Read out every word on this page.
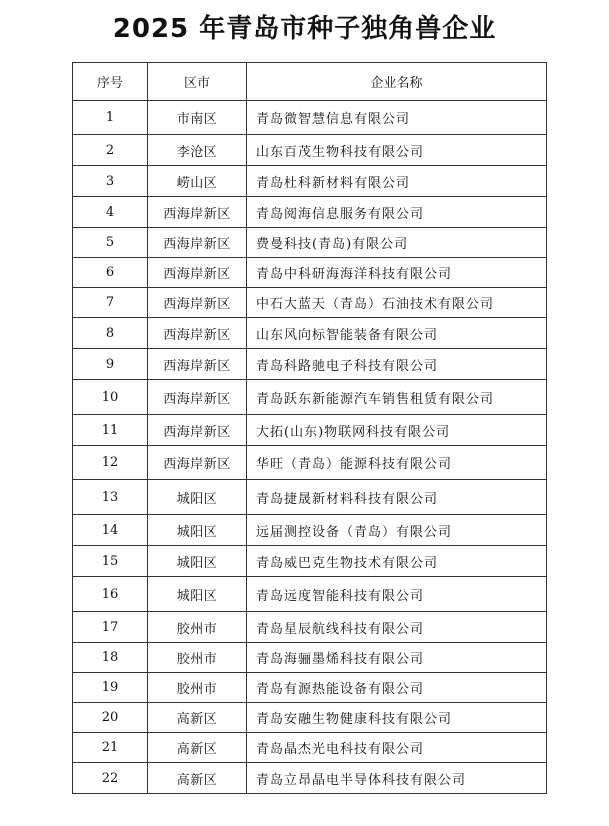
2025 年青岛市种子独角兽企业
序号	区市	企业名称
1	市南区	青岛微智慧信息有限公司
2	李沧区	山东百茂生物科技有限公司
3	崂山区	青岛杜科新材料有限公司
4	西海岸新区	青岛阅海信息服务有限公司
5	西海岸新区	费曼科技(青岛)有限公司
6	西海岸新区	青岛中科研海海洋科技有限公司
7	西海岸新区	中石大蓝天（青岛）石油技术有限公司
8	西海岸新区	山东风向标智能装备有限公司
9	西海岸新区	青岛科路驰电子科技有限公司
10	西海岸新区	青岛跃东新能源汽车销售租赁有限公司
11	西海岸新区	大拓(山东)物联网科技有限公司
12	西海岸新区	华旺（青岛）能源科技有限公司
13	城阳区	青岛捷晟新材料科技有限公司
14	城阳区	远届测控设备（青岛）有限公司
15	城阳区	青岛威巴克生物技术有限公司
16	城阳区	青岛远度智能科技有限公司
17	胶州市	青岛星辰航线科技有限公司
18	胶州市	青岛海骊墨烯科技有限公司
19	胶州市	青岛有源热能设备有限公司
20	高新区	青岛安融生物健康科技有限公司
21	高新区	青岛晶杰光电科技有限公司
22	高新区	青岛立昂晶电半导体科技有限公司
